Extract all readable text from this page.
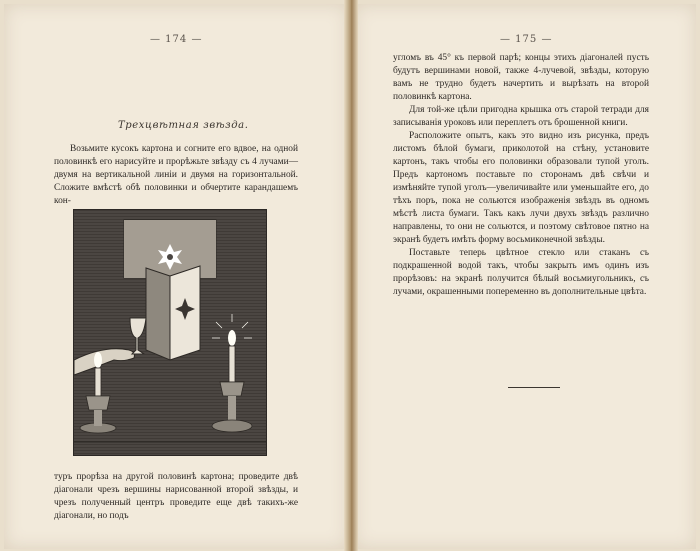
— 174 —
Трехцвѣтная звѣзда.

Возьмите кусокъ картона и согните его вдвое, на одной половинкѣ его нарисуйте и прорѣжьте звѣзду съ 4 лучами—двумя на вертикальной линіи и двумя на горизонтальной. Сложите вмѣстѣ обѣ половинки и обчертите карандашемъ кон-

туръ прорѣза на другой половинѣ картона; проведите двѣ діагонали чрезъ вершины нарисованной второй звѣзды, и чрезъ полученный центръ проведите еще двѣ такихъ-же діагонали, но подъ

— 175 —

угломъ въ 45° къ первой парѣ; концы этихъ діагоналей пусть будутъ вершинами новой, также 4-лучевой, звѣзды, которую вамъ не трудно будетъ начертить и вырѣзать на второй половинкѣ картона.

Для той-же цѣли пригодна крышка отъ старой тетради для записыванія уроковъ или переплетъ отъ брошенной книги.

Расположите опытъ, какъ это видно изъ рисунка, предъ листомъ бѣлой бумаги, приколотой на стѣну, установите картонъ, такъ чтобы его половинки образовали тупой уголъ. Предъ картономъ поставьте по сторонамъ двѣ свѣчи и измѣняйте тупой уголъ—увеличивайте или уменьшайте его, до тѣхъ поръ, пока не сольются изображенія звѣздъ въ одномъ мѣстѣ листа бумаги. Такъ какъ лучи двухъ звѣздъ различно направлены, то они не сольются, и поэтому свѣтовое пятно на экранѣ будетъ имѣть форму восьмиконечной звѣзды.

Поставьте теперь цвѣтное стекло или стаканъ съ подкрашенной водой такъ, чтобы закрыть имъ одинъ изъ прорѣзовъ: на экранѣ получится бѣлый восьмиугольникъ, съ лучами, окрашенными попеременно въ дополнительные цвѣта.
